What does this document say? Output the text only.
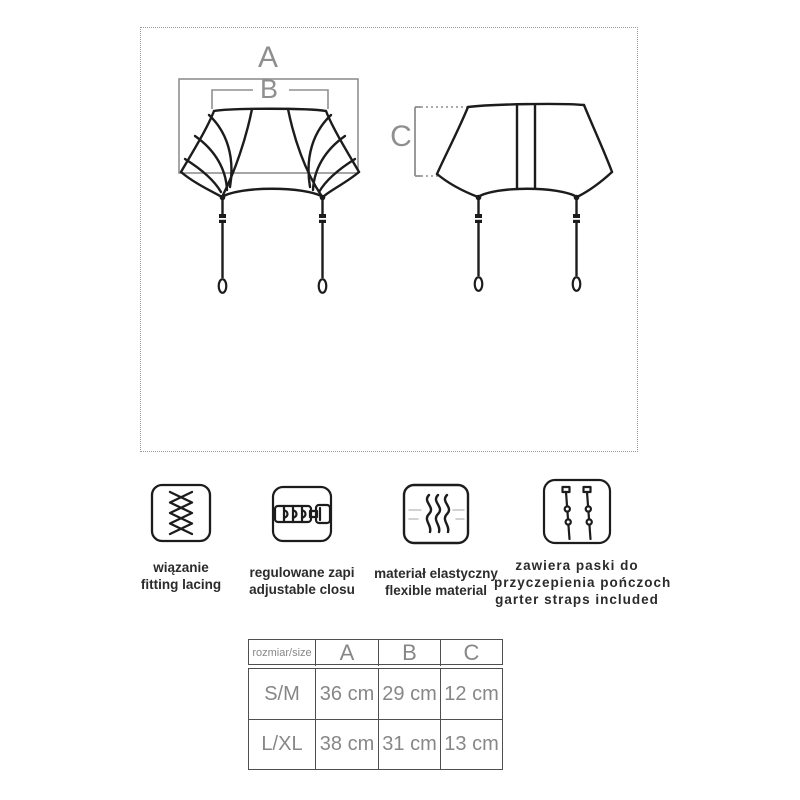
A
B
C
wiązanie
fitting lacing
regulowane zapi
adjustable closu
materiał elastyczny
flexible material
zawiera paski do
przyczepienia pończoch
garter straps included
rozmiar/size	A	B	C
S/M 36 cm 29 cm 12 cm
L/XL 38 cm 31 cm 13 cm
